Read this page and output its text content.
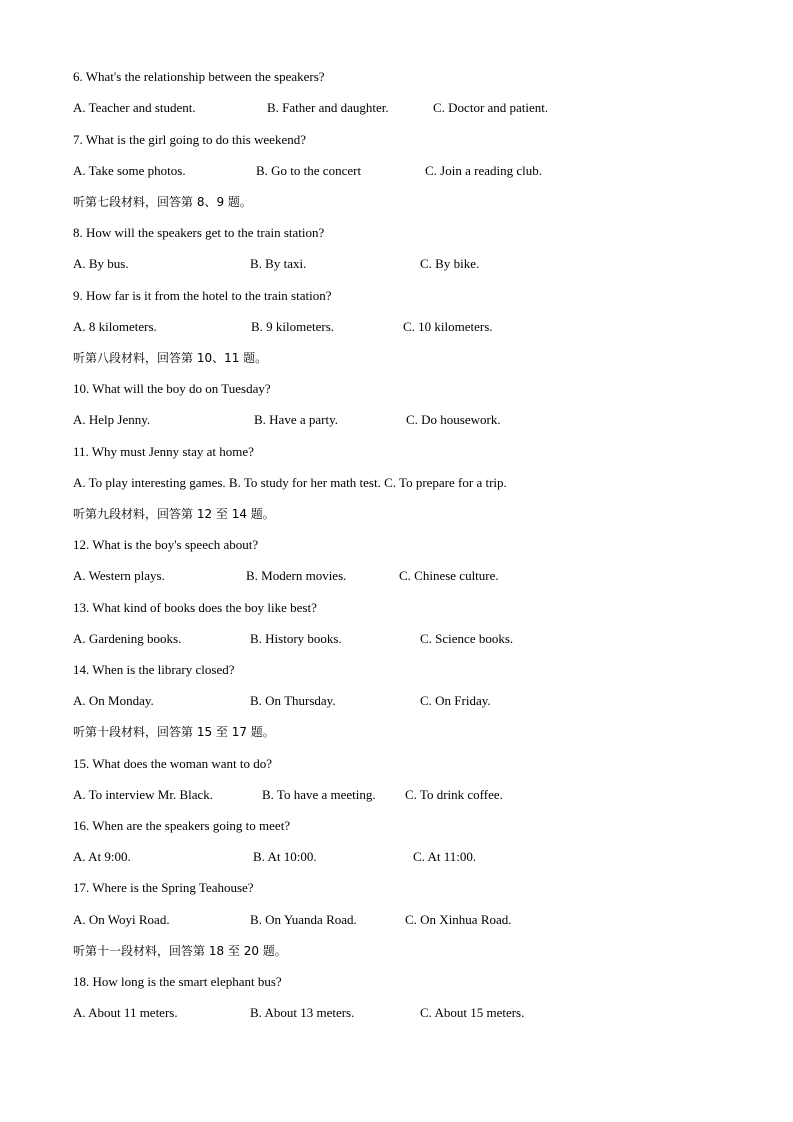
6. What's the relationship between the speakers?
A. Teacher and student.	B. Father and daughter.	C. Doctor and patient.
7. What is the girl going to do this weekend?
A. Take some photos.	B. Go to the concert	C. Join a reading club.
听第七段材料，回答第 8、9 题。
8. How will the speakers get to the train station?
A. By bus.	B. By taxi.	C. By bike.
9. How far is it from the hotel to the train station?
A. 8 kilometers.	B. 9 kilometers.	C. 10 kilometers.
听第八段材料，回答第 10、11 题。
10. What will the boy do on Tuesday?
A. Help Jenny.	B. Have a party.	C. Do housework.
11. Why must Jenny stay at home?
A. To play interesting games. B. To study for her math test. C. To prepare for a trip.
听第九段材料，回答第 12 至 14 题。
12. What is the boy's speech about?
A. Western plays.	B. Modern movies.	C. Chinese culture.
13. What kind of books does the boy like best?
A. Gardening books.	B. History books.	C. Science books.
14. When is the library closed?
A. On Monday.	B. On Thursday.	C. On Friday.
听第十段材料，回答第 15 至 17 题。
15. What does the woman want to do?
A. To interview Mr. Black.	B. To have a meeting. C. To drink coffee.
16. When are the speakers going to meet?
A. At 9:00.	B. At 10:00.	C. At 11:00.
17. Where is the Spring Teahouse?
A. On Woyi Road.	B. On Yuanda Road.	C. On Xinhua Road.
听第十一段材料，回答第 18 至 20 题。
18. How long is the smart elephant bus?
A. About 11 meters.	B. About 13 meters.	C. About 15 meters.
